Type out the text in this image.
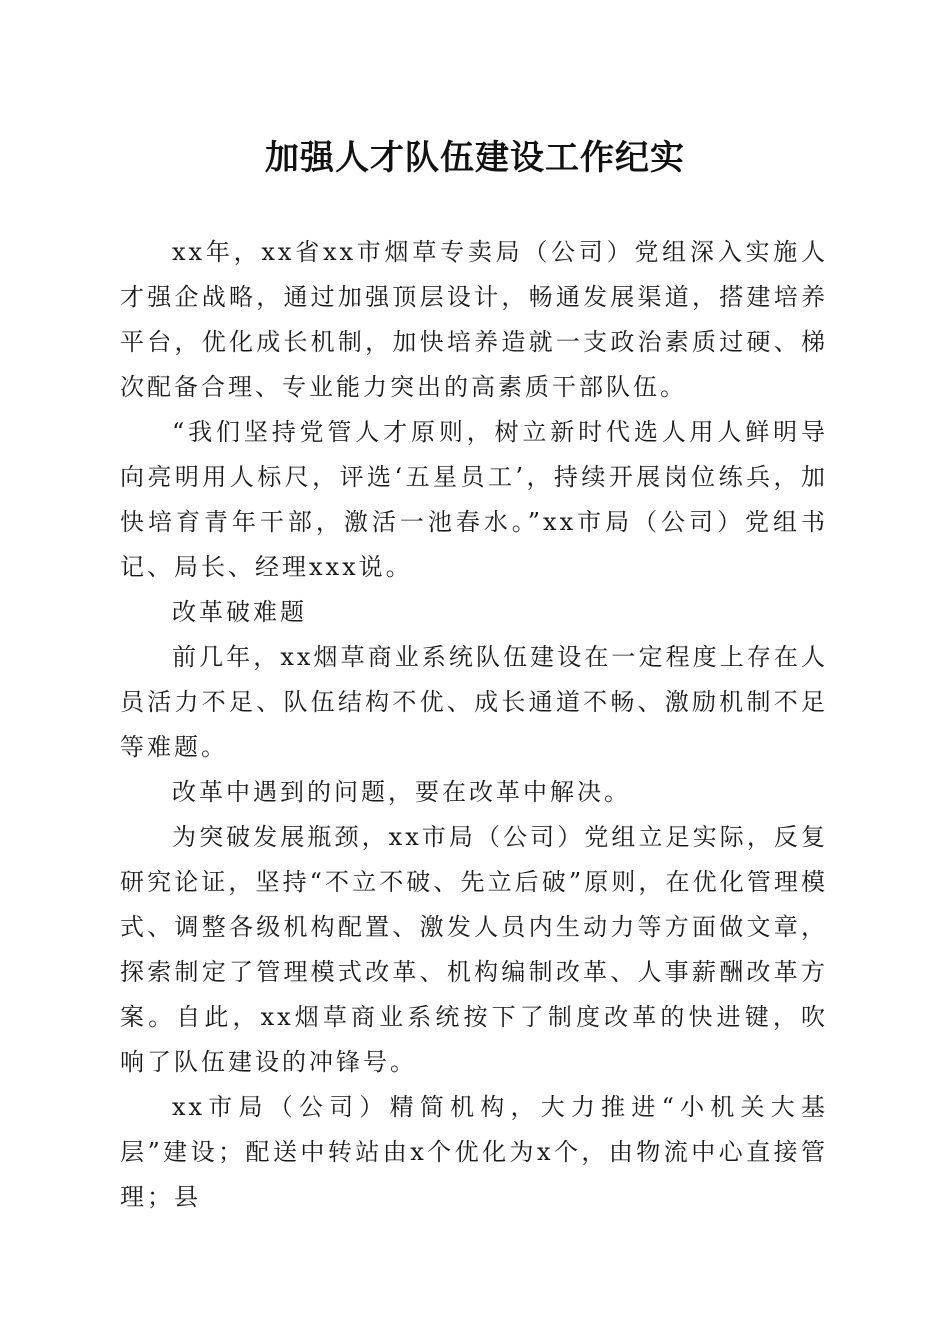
加强人才队伍建设工作纪实

xx年，xx省xx市烟草专卖局（公司）党组深入实施人才强企战略，通过加强顶层设计，畅通发展渠道，搭建培养平台，优化成长机制，加快培养造就一支政治素质过硬、梯次配备合理、专业能力突出的高素质干部队伍。

“我们坚持党管人才原则，树立新时代选人用人鲜明导向亮明用人标尺，评选‘五星员工’，持续开展岗位练兵，加快培育青年干部，激活一池春水。”xx市局（公司）党组书记、局长、经理xxx说。

改革破难题

前几年，xx烟草商业系统队伍建设在一定程度上存在人员活力不足、队伍结构不优、成长通道不畅、激励机制不足等难题。

改革中遇到的问题，要在改革中解决。

为突破发展瓶颈，xx市局（公司）党组立足实际，反复研究论证，坚持“不立不破、先立后破”原则，在优化管理模式、调整各级机构配置、激发人员内生动力等方面做文章，探索制定了管理模式改革、机构编制改革、人事薪酬改革方案。自此，xx烟草商业系统按下了制度改革的快进键，吹响了队伍建设的冲锋号。

xx市局（公司）精简机构，大力推进“小机关大基层”建设；配送中转站由x个优化为x个，由物流中心直接管理；县
